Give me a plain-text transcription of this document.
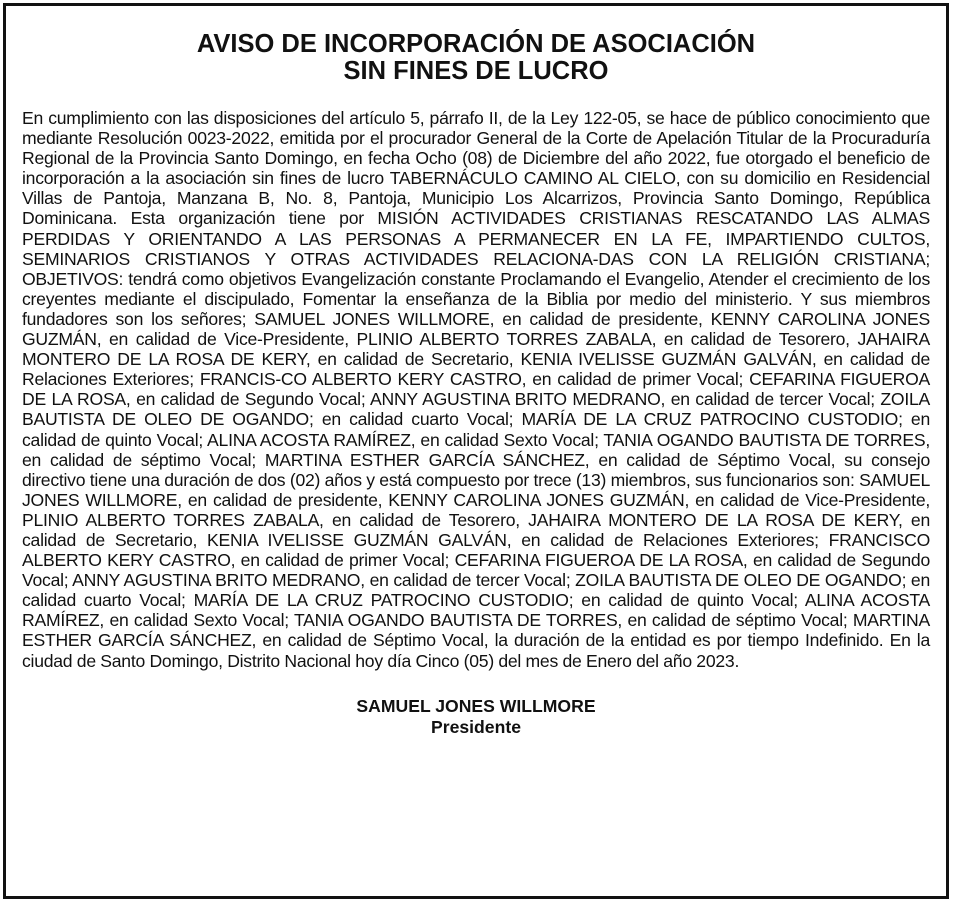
AVISO DE INCORPORACIÓN DE ASOCIACIÓN
SIN FINES DE LUCRO

En cumplimiento con las disposiciones del artículo 5, párrafo II, de la Ley 122-05, se hace de público conocimiento que mediante Resolución 0023-2022, emitida por el procurador General de la Corte de Apelación Titular de la Procuraduría Regional de la Provincia Santo Domingo, en fecha Ocho (08) de Diciembre del año 2022, fue otorgado el beneficio de incorporación a la asociación sin fines de lucro TABERNÁCULO CAMINO AL CIELO, con su domicilio en Residencial Villas de Pantoja, Manzana B, No. 8, Pantoja, Municipio Los Alcarrizos, Provincia Santo Domingo, República Dominicana. Esta organización tiene por MISIÓN ACTIVIDADES CRISTIANAS RESCATANDO LAS ALMAS PERDIDAS Y ORIENTANDO A LAS PERSONAS A PERMANECER EN LA FE, IMPARTIENDO CULTOS, SEMINARIOS CRISTIANOS Y OTRAS ACTIVIDADES RELACIONA-DAS CON LA RELIGIÓN CRISTIANA; OBJETIVOS: tendrá como objetivos Evangelización constante Proclamando el Evangelio, Atender el crecimiento de los creyentes mediante el discipulado, Fomentar la enseñanza de la Biblia por medio del ministerio. Y sus miembros fundadores son los señores; SAMUEL JONES WILLMORE, en calidad de presidente, KENNY CAROLINA JONES GUZMÁN, en calidad de Vice-Presidente, PLINIO ALBERTO TORRES ZABALA, en calidad de Tesorero, JAHAIRA MONTERO DE LA ROSA DE KERY, en calidad de Secretario, KENIA IVELISSE GUZMÁN GALVÁN, en calidad de Relaciones Exteriores; FRANCIS-CO ALBERTO KERY CASTRO, en calidad de primer Vocal; CEFARINA FIGUEROA DE LA ROSA, en calidad de Segundo Vocal; ANNY AGUSTINA BRITO MEDRANO, en calidad de tercer Vocal; ZOILA BAUTISTA DE OLEO DE OGANDO; en calidad cuarto Vocal; MARÍA DE LA CRUZ PATROCINO CUSTODIO; en calidad de quinto Vocal; ALINA ACOSTA RAMÍREZ, en calidad Sexto Vocal; TANIA OGANDO BAUTISTA DE TORRES, en calidad de séptimo Vocal; MARTINA ESTHER GARCÍA SÁNCHEZ, en calidad de Séptimo Vocal, su consejo directivo tiene una duración de dos (02) años y está compuesto por trece (13) miembros, sus funcionarios son: SAMUEL JONES WILLMORE, en calidad de presidente, KENNY CAROLINA JONES GUZMÁN, en calidad de Vice-Presidente, PLINIO ALBERTO TORRES ZABALA, en calidad de Tesorero, JAHAIRA MONTERO DE LA ROSA DE KERY, en calidad de Secretario, KENIA IVELISSE GUZMÁN GALVÁN, en calidad de Relaciones Exteriores; FRANCISCO ALBERTO KERY CASTRO, en calidad de primer Vocal; CEFARINA FIGUEROA DE LA ROSA, en calidad de Segundo Vocal; ANNY AGUSTINA BRITO MEDRANO, en calidad de tercer Vocal; ZOILA BAUTISTA DE OLEO DE OGANDO; en calidad cuarto Vocal; MARÍA DE LA CRUZ PATROCINO CUSTODIO; en calidad de quinto Vocal; ALINA ACOSTA RAMÍREZ, en calidad Sexto Vocal; TANIA OGANDO BAUTISTA DE TORRES, en calidad de séptimo Vocal; MARTINA ESTHER GARCÍA SÁNCHEZ, en calidad de Séptimo Vocal, la duración de la entidad es por tiempo Indefinido. En la ciudad de Santo Domingo, Distrito Nacional hoy día Cinco (05) del mes de Enero del año 2023.

SAMUEL JONES WILLMORE
Presidente
